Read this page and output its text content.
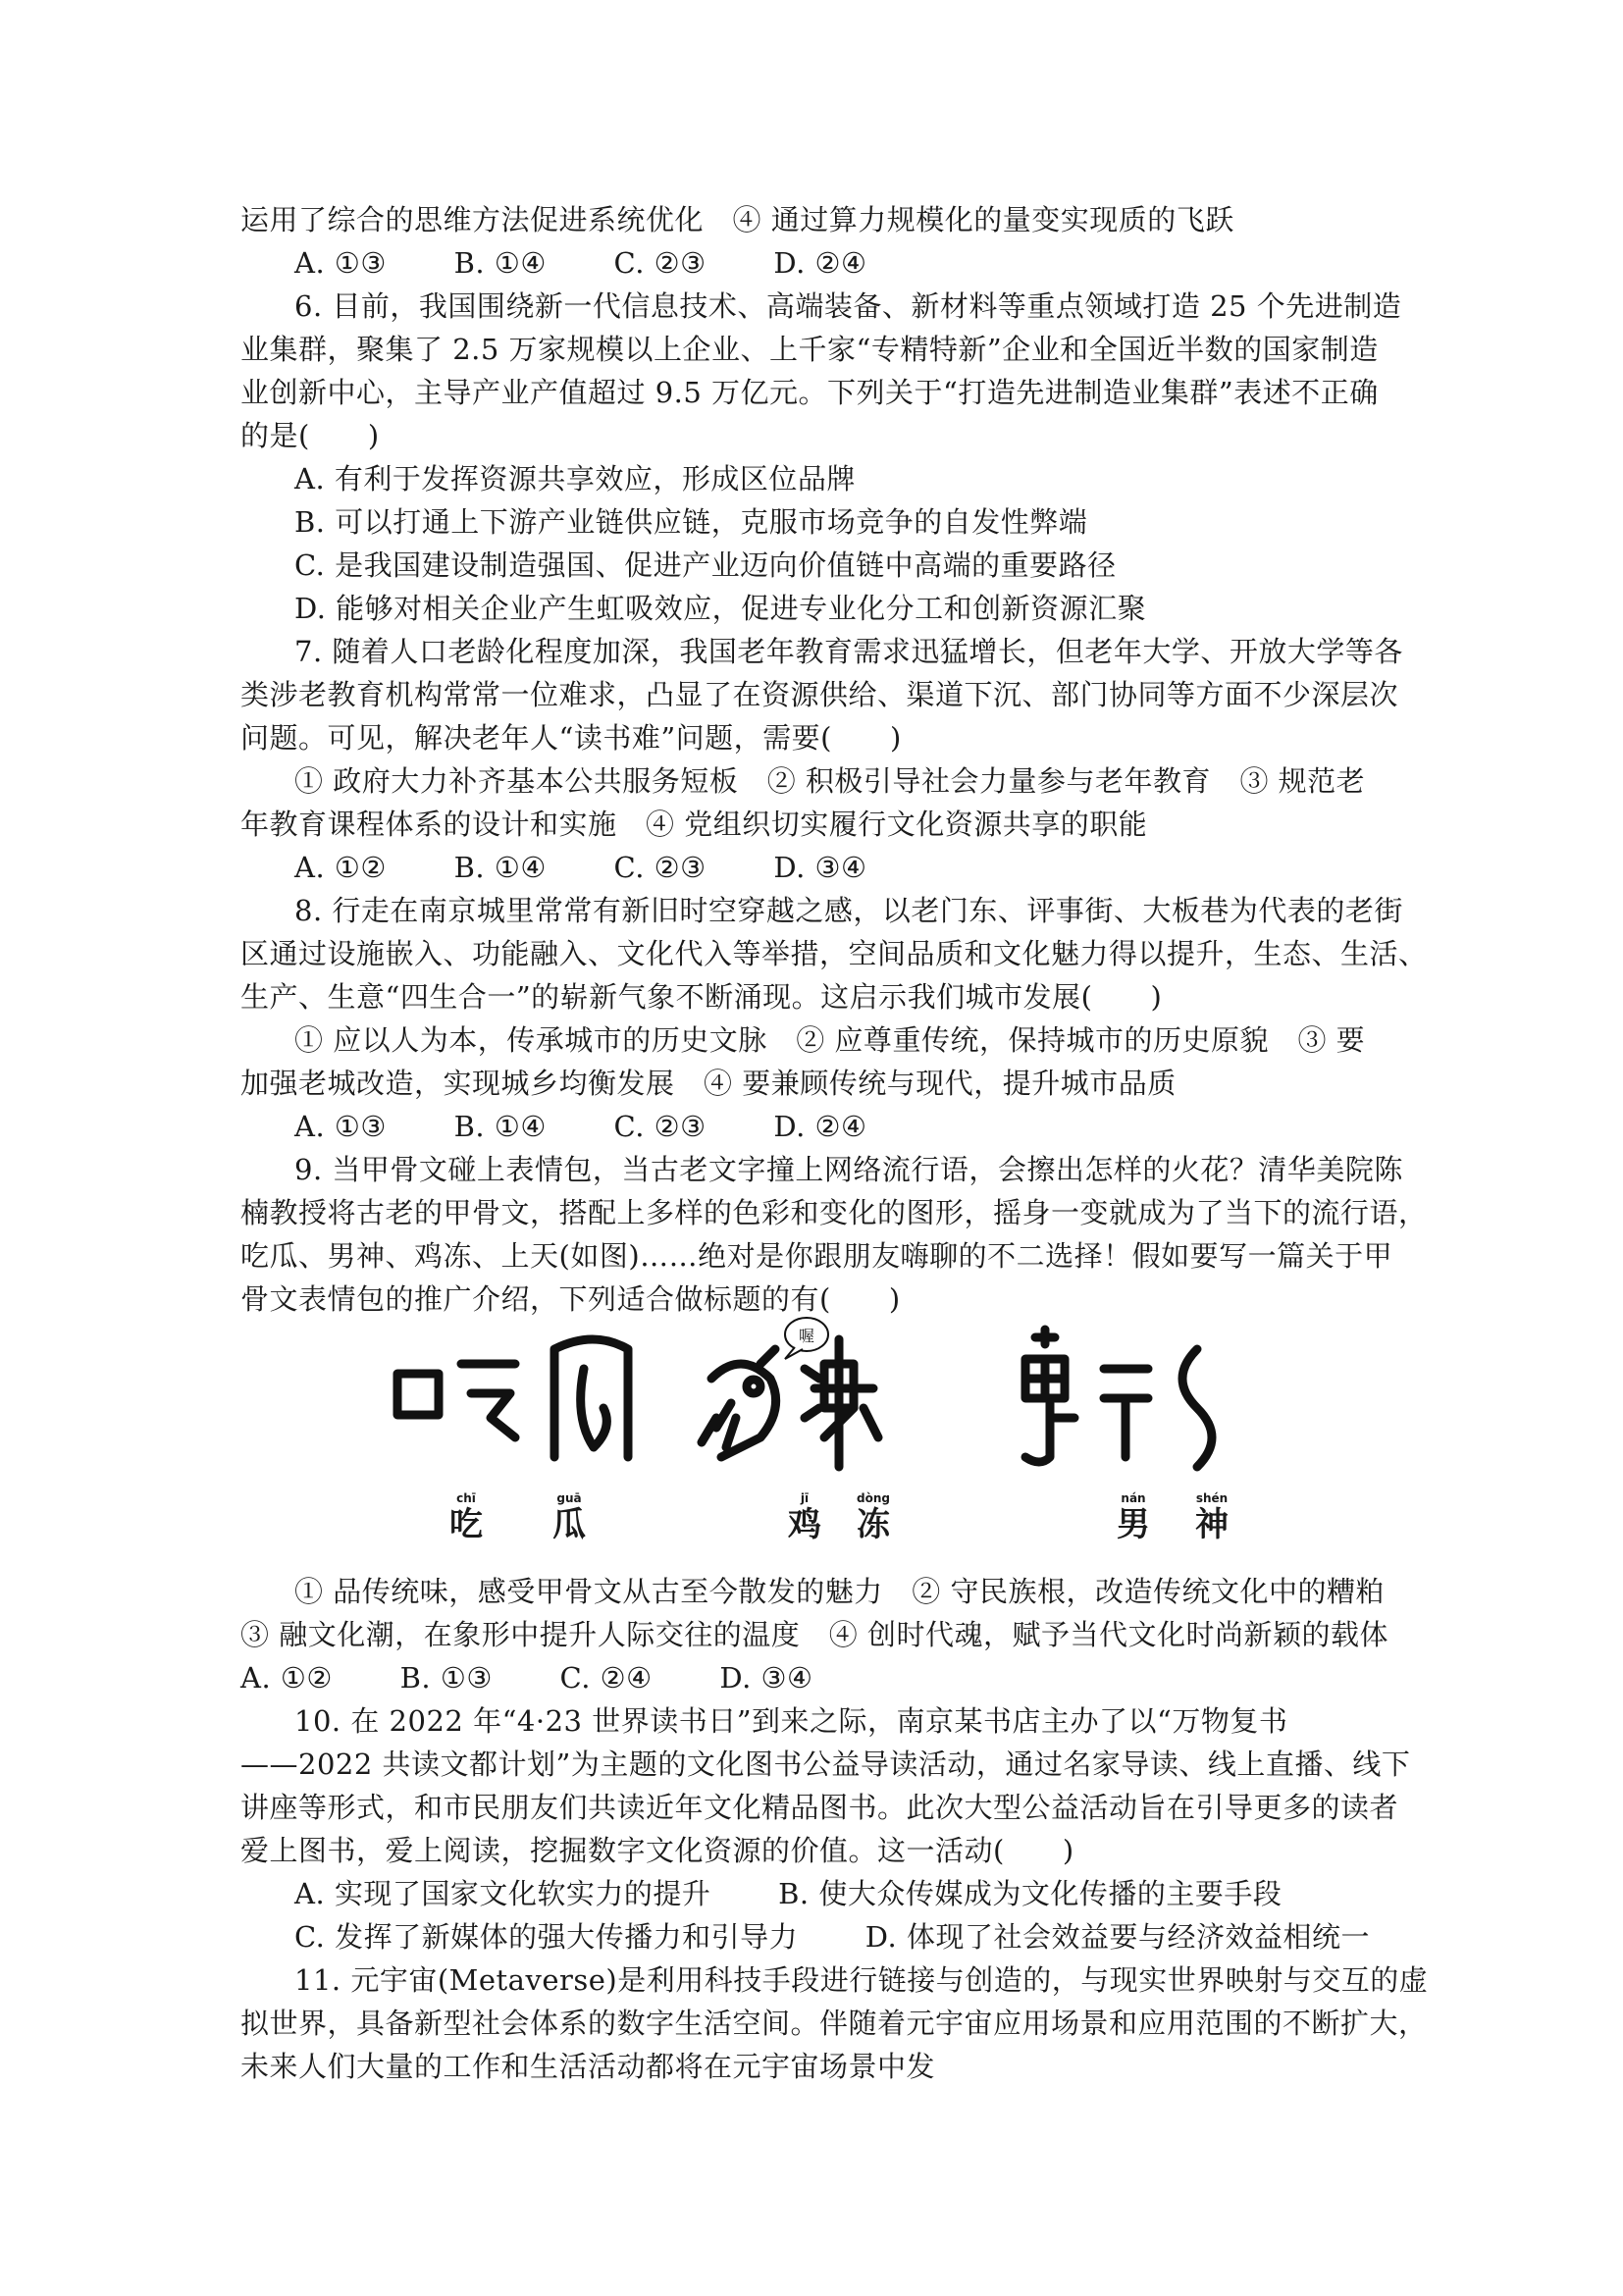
运用了综合的思维方法促进系统优化　④ 通过算力规模化的量变实现质的飞跃
A. ①③　　 B. ①④　　 C. ②③　　 D. ②④
6. 目前，我国围绕新一代信息技术、高端装备、新材料等重点领域打造 25 个先进制造
业集群，聚集了 2.5 万家规模以上企业、上千家“专精特新”企业和全国近半数的国家制造
业创新中心，主导产业产值超过 9.5 万亿元。下列关于“打造先进制造业集群”表述不正确
的是(　　)
A. 有利于发挥资源共享效应，形成区位品牌
B. 可以打通上下游产业链供应链，克服市场竞争的自发性弊端
C. 是我国建设制造强国、促进产业迈向价值链中高端的重要路径
D. 能够对相关企业产生虹吸效应，促进专业化分工和创新资源汇聚
7. 随着人口老龄化程度加深，我国老年教育需求迅猛增长，但老年大学、开放大学等各
类涉老教育机构常常一位难求，凸显了在资源供给、渠道下沉、部门协同等方面不少深层次
问题。可见，解决老年人“读书难”问题，需要(　　)
① 政府大力补齐基本公共服务短板　② 积极引导社会力量参与老年教育　③ 规范老
年教育课程体系的设计和实施　④ 党组织切实履行文化资源共享的职能
A. ①②　　 B. ①④　　 C. ②③　　 D. ③④
8. 行走在南京城里常常有新旧时空穿越之感，以老门东、评事街、大板巷为代表的老街
区通过设施嵌入、功能融入、文化代入等举措，空间品质和文化魅力得以提升，生态、生活、
生产、生意“四生合一”的崭新气象不断涌现。这启示我们城市发展(　　)
① 应以人为本，传承城市的历史文脉　② 应尊重传统，保持城市的历史原貌　③ 要
加强老城改造，实现城乡均衡发展　④ 要兼顾传统与现代，提升城市品质
A. ①③　　 B. ①④　　 C. ②③　　 D. ②④
9. 当甲骨文碰上表情包，当古老文字撞上网络流行语，会擦出怎样的火花？清华美院陈
楠教授将古老的甲骨文，搭配上多样的色彩和变化的图形，摇身一变就成为了当下的流行语，
吃瓜、男神、鸡冻、上天(如图)……绝对是你跟朋友嗨聊的不二选择！假如要写一篇关于甲
骨文表情包的推广介绍，下列适合做标题的有(　　)
喔
chī
吃
guā
瓜
jī
鸡
dòng
冻
nán
男
shén
神
① 品传统味，感受甲骨文从古至今散发的魅力　② 守民族根，改造传统文化中的糟粕
③ 融文化潮，在象形中提升人际交往的温度　④ 创时代魂，赋予当代文化时尚新颖的载体
A. ①②　　 B. ①③　　 C. ②④　　 D. ③④
10. 在 2022 年“4·23 世界读书日”到来之际，南京某书店主办了以“万物复书
——2022 共读文都计划”为主题的文化图书公益导读活动，通过名家导读、线上直播、线下
讲座等形式，和市民朋友们共读近年文化精品图书。此次大型公益活动旨在引导更多的读者
爱上图书，爱上阅读，挖掘数字文化资源的价值。这一活动(　　)
A. 实现了国家文化软实力的提升　　 B. 使大众传媒成为文化传播的主要手段
C. 发挥了新媒体的强大传播力和引导力　　 D. 体现了社会效益要与经济效益相统一
11. 元宇宙(Metaverse)是利用科技手段进行链接与创造的，与现实世界映射与交互的虚
拟世界，具备新型社会体系的数字生活空间。伴随着元宇宙应用场景和应用范围的不断扩大，
未来人们大量的工作和生活活动都将在元宇宙场景中发
